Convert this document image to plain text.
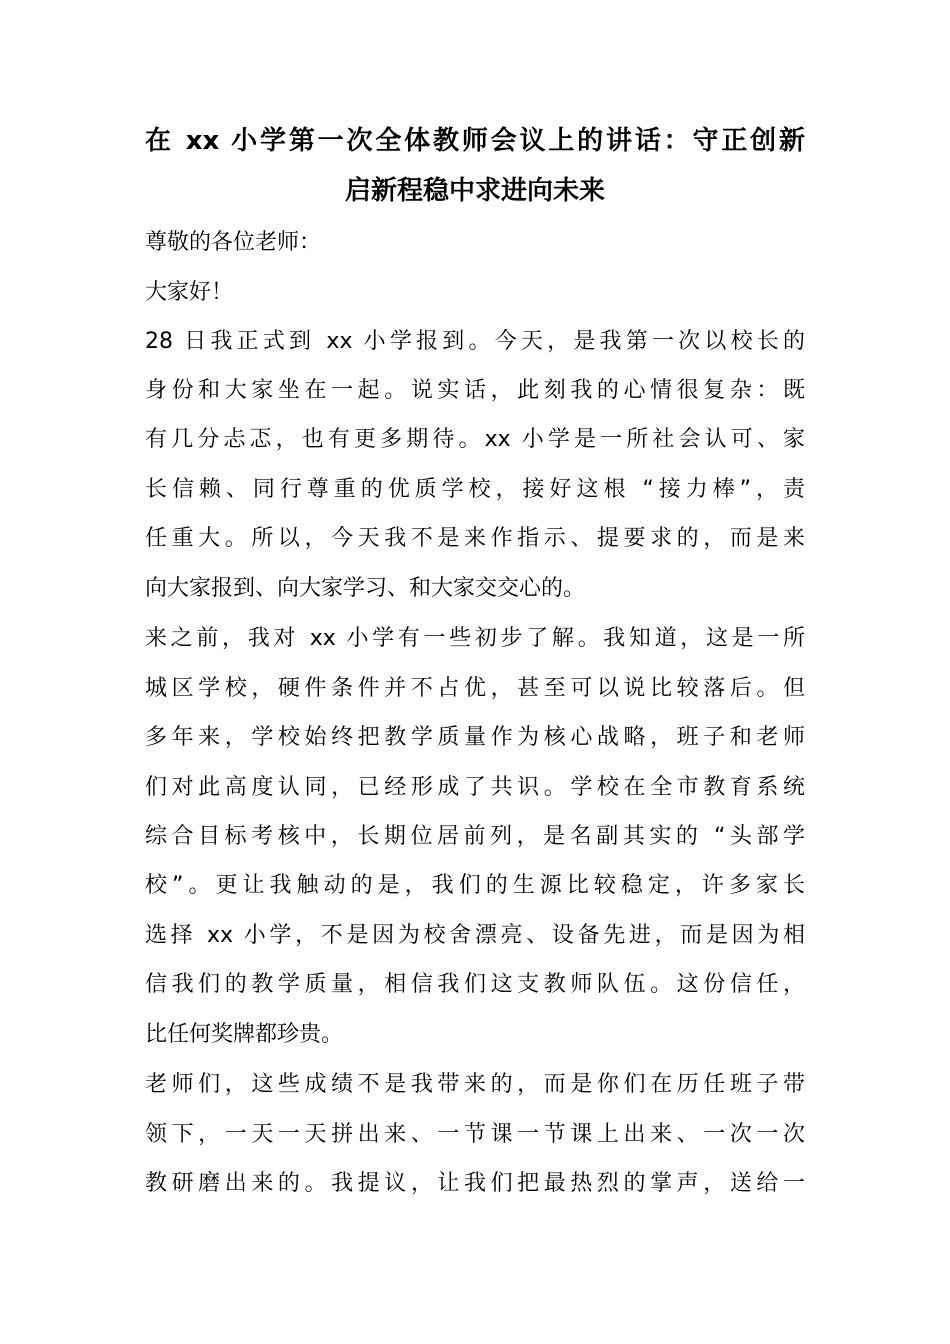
在 xx 小学第一次全体教师会议上的讲话：守正创新
启新程稳中求进向未来
尊敬的各位老师：
大家好！
28 日我正式到 xx 小学报到。今天，是我第一次以校长的
身份和大家坐在一起。说实话，此刻我的心情很复杂：既
有几分忐忑，也有更多期待。xx 小学是一所社会认可、家
长信赖、同行尊重的优质学校，接好这根 “接力棒”，责
任重大。所以，今天我不是来作指示、提要求的，而是来
向大家报到、向大家学习、和大家交交心的。
来之前，我对 xx 小学有一些初步了解。我知道，这是一所
城区学校，硬件条件并不占优，甚至可以说比较落后。但
多年来，学校始终把教学质量作为核心战略，班子和老师
们对此高度认同，已经形成了共识。学校在全市教育系统
综合目标考核中，长期位居前列，是名副其实的 “头部学
校”。更让我触动的是，我们的生源比较稳定，许多家长
选择 xx 小学，不是因为校舍漂亮、设备先进，而是因为相
信我们的教学质量，相信我们这支教师队伍。这份信任，
比任何奖牌都珍贵。
老师们，这些成绩不是我带来的，而是你们在历任班子带
领下，一天一天拼出来、一节课一节课上出来、一次一次
教研磨出来的。我提议，让我们把最热烈的掌声，送给一
